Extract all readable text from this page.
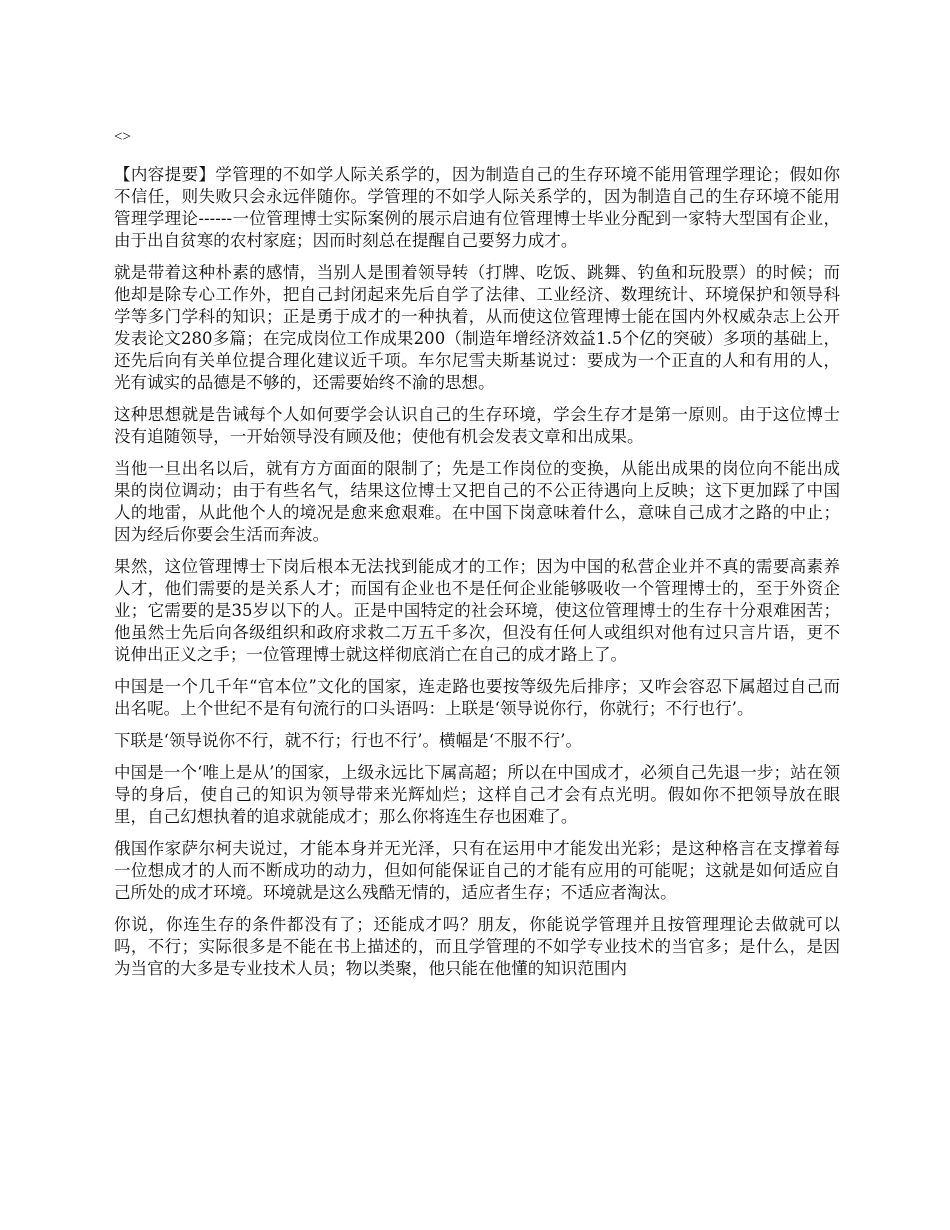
<>

【内容提要】学管理的不如学人际关系学的，因为制造自己的生存环境不能用管理学理论；假如你不信任，则失败只会永远伴随你。学管理的不如学人际关系学的，因为制造自己的生存环境不能用管理学理论------一位管理博士实际案例的展示启迪有位管理博士毕业分配到一家特大型国有企业，由于出自贫寒的农村家庭；因而时刻总在提醒自己要努力成才。

就是带着这种朴素的感情，当别人是围着领导转（打牌、吃饭、跳舞、钓鱼和玩股票）的时候；而他却是除专心工作外，把自己封闭起来先后自学了法律、工业经济、数理统计、环境保护和领导科学等多门学科的知识；正是勇于成才的一种执着，从而使这位管理博士能在国内外权威杂志上公开发表论文280多篇；在完成岗位工作成果200（制造年增经济效益1.5个亿的突破）多项的基础上， 还先后向有关单位提合理化建议近千项。车尔尼雪夫斯基说过：要成为一个正直的人和有用的人，光有诚实的品德是不够的，还需要始终不渝的思想。

这种思想就是告诫每个人如何要学会认识自己的生存环境，学会生存才是第一原则。由于这位博士没有追随领导，一开始领导没有顾及他；使他有机会发表文章和出成果。

当他一旦出名以后，就有方方面面的限制了；先是工作岗位的变换，从能出成果的岗位向不能出成果的岗位调动；由于有些名气，结果这位博士又把自己的不公正待遇向上反映；这下更加踩了中国人的地雷，从此他个人的境况是愈来愈艰难。在中国下岗意味着什么，意味自己成才之路的中止；因为经后你要会生活而奔波。

果然，这位管理博士下岗后根本无法找到能成才的工作；因为中国的私营企业并不真的需要高素养人才，他们需要的是关系人才；而国有企业也不是任何企业能够吸收一个管理博士的，至于外资企业；它需要的是35岁以下的人。正是中国特定的社会环境，使这位管理博士的生存十分艰难困苦；他虽然士先后向各级组织和政府求救二万五千多次，但没有任何人或组织对他有过只言片语，更不说伸出正义之手；一位管理博士就这样彻底消亡在自己的成才路上了。

中国是一个几千年“官本位”文化的国家，连走路也要按等级先后排序；又咋会容忍下属超过自己而出名呢。上个世纪不是有句流行的口头语吗：上联是‘领导说你行，你就行；不行也行’。

下联是‘领导说你不行，就不行；行也不行’。横幅是‘不服不行’。

中国是一个‘唯上是从’的国家，上级永远比下属高超；所以在中国成才，必须自己先退一步；站在领导的身后，使自己的知识为领导带来光辉灿烂；这样自己才会有点光明。假如你不把领导放在眼里，自己幻想执着的追求就能成才；那么你将连生存也困难了。

俄国作家萨尔柯夫说过，才能本身并无光泽，只有在运用中才能发出光彩；是这种格言在支撑着每一位想成才的人而不断成功的动力，但如何能保证自己的才能有应用的可能呢；这就是如何适应自己所处的成才环境。环境就是这么残酷无情的，适应者生存；不适应者淘汰。

你说，你连生存的条件都没有了；还能成才吗？朋友，你能说学管理并且按管理理论去做就可以吗，不行；实际很多是不能在书上描述的，而且学管理的不如学专业技术的当官多；是什么，是因为当官的大多是专业技术人员；物以类聚，他只能在他懂的知识范围内
